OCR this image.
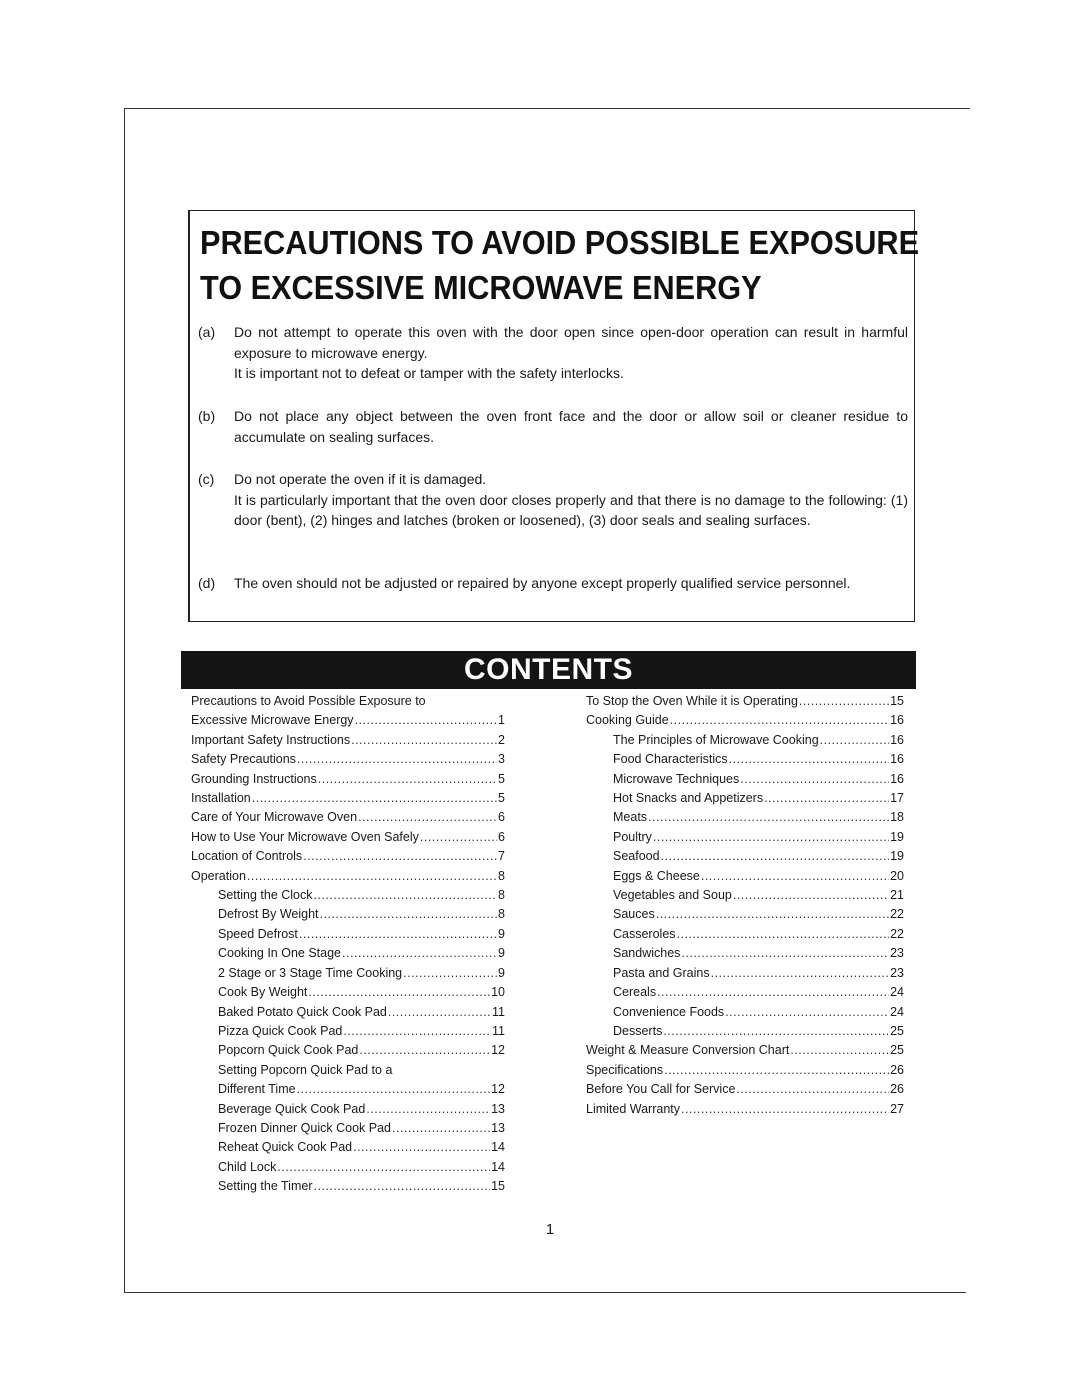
PRECAUTIONS TO AVOID POSSIBLE EXPOSURE
TO EXCESSIVE MICROWAVE ENERGY
(a) Do not attempt to operate this oven with the door open since open-door operation can result in harmful exposure to microwave energy.

It is important not to defeat or tamper with the safety interlocks.

(b) Do not place any object between the oven front face and the door or allow soil or cleaner residue to accumulate on sealing surfaces.

(c) Do not operate the oven if it is damaged.

It is particularly important that the oven door closes properly and that there is no damage to the following: (1) door (bent), (2) hinges and latches (broken or loosened), (3) door seals and sealing surfaces.

(d) The oven should not be adjusted or repaired by anyone except properly qualified service personnel.

CONTENTS
Precautions to Avoid Possible Exposure to
Excessive Microwave Energy .....	1
Important Safety Instructions .....	2
Safety Precautions .....	3
Grounding Instructions .....	5
Installation .....	5
Care of Your Microwave Oven .....	6
How to Use Your Microwave Oven Safely .....	6
Location of Controls .....	7
Operation .....	8
Setting the Clock .....	8
Defrost By Weight .....	8
Speed Defrost .....	9
Cooking In One Stage .....	9
2 Stage or 3 Stage Time Cooking .....	9
Cook By Weight .....	10
Baked Potato Quick Cook Pad .....	11
Pizza Quick Cook Pad .....	11
Popcorn Quick Cook Pad .....	12
Setting Popcorn Quick Pad to a
Different Time .....	12
Beverage Quick Cook Pad .....	13
Frozen Dinner Quick Cook Pad .....	13
Reheat Quick Cook Pad .....	14
Child Lock .....	14
Setting the Timer .....	15
To Stop the Oven While it is Operating .....	15
Cooking Guide .....	16
The Principles of Microwave Cooking .....	16
Food Characteristics .....	16
Microwave Techniques .....	16
Hot Snacks and Appetizers .....	17
Meats .....	18
Poultry .....	19
Seafood .....	19
Eggs & Cheese .....	20
Vegetables and Soup .....	21
Sauces .....	22
Casseroles .....	22
Sandwiches .....	23
Pasta and Grains .....	23
Cereals .....	24
Convenience Foods .....	24
Desserts .....	25
Weight & Measure Conversion Chart .....	25
Specifications .....	26
Before You Call for Service .....	26
Limited Warranty .....	27
1
